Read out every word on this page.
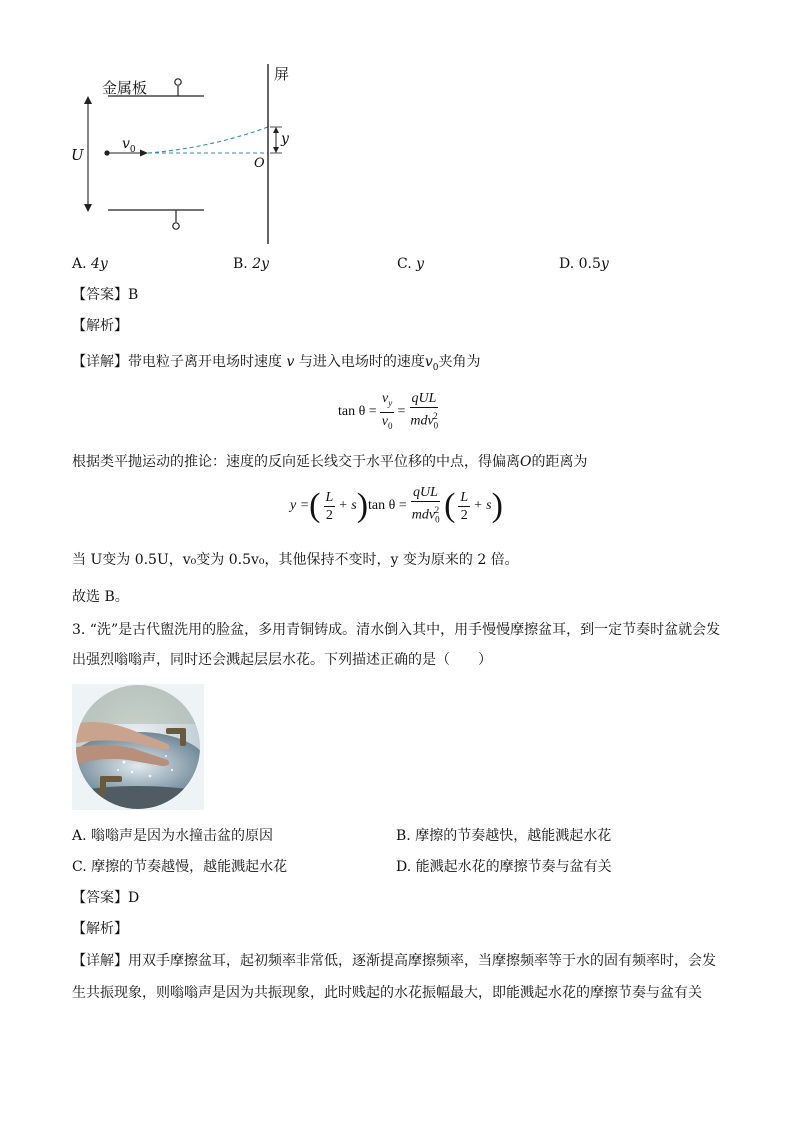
金属板
屏
U
$v_0$
O
y
A. 4y	B. 2y	C. y	D. 0.5y
【答案】B
【解析】
【详解】带电粒子离开电场时速度 v 与进入电场时的速度$v_0$夹角为
$\tan \theta = \frac{v_y}{v_0} = \frac{\text{qUL}}{mdv_0^2}$
根据类平抛运动的推论：速度的反向延长线交于水平位移的中点，得偏离O的距离为
y = ( $\frac{L}{2} + s$ ) $\tan \theta = \frac{\text{qUL}}{mdv_0^2}$ ( $\frac{L}{2} + s$ )
当 U变为 0.5U，v₀变为 0.5v₀，其他保持不变时，y 变为原来的 2 倍。
故选 B。
3. “洗”是古代盥洗用的脸盆，多用青铜铸成。清水倒入其中，用手慢慢摩擦盆耳，到一定节奏时盆就会发
出强烈嗡嗡声，同时还会溅起层层水花。下列描述正确的是（　　）
A. 嗡嗡声是因为水撞击盆的原因	B. 摩擦的节奏越快，越能溅起水花
C. 摩擦的节奏越慢，越能溅起水花	D. 能溅起水花的摩擦节奏与盆有关
【答案】D
【解析】
【详解】用双手摩擦盆耳，起初频率非常低，逐渐提高摩擦频率，当摩擦频率等于水的固有频率时，会发
生共振现象，则嗡嗡声是因为共振现象，此时贱起的水花振幅最大，即能溅起水花的摩擦节奏与盆有关
